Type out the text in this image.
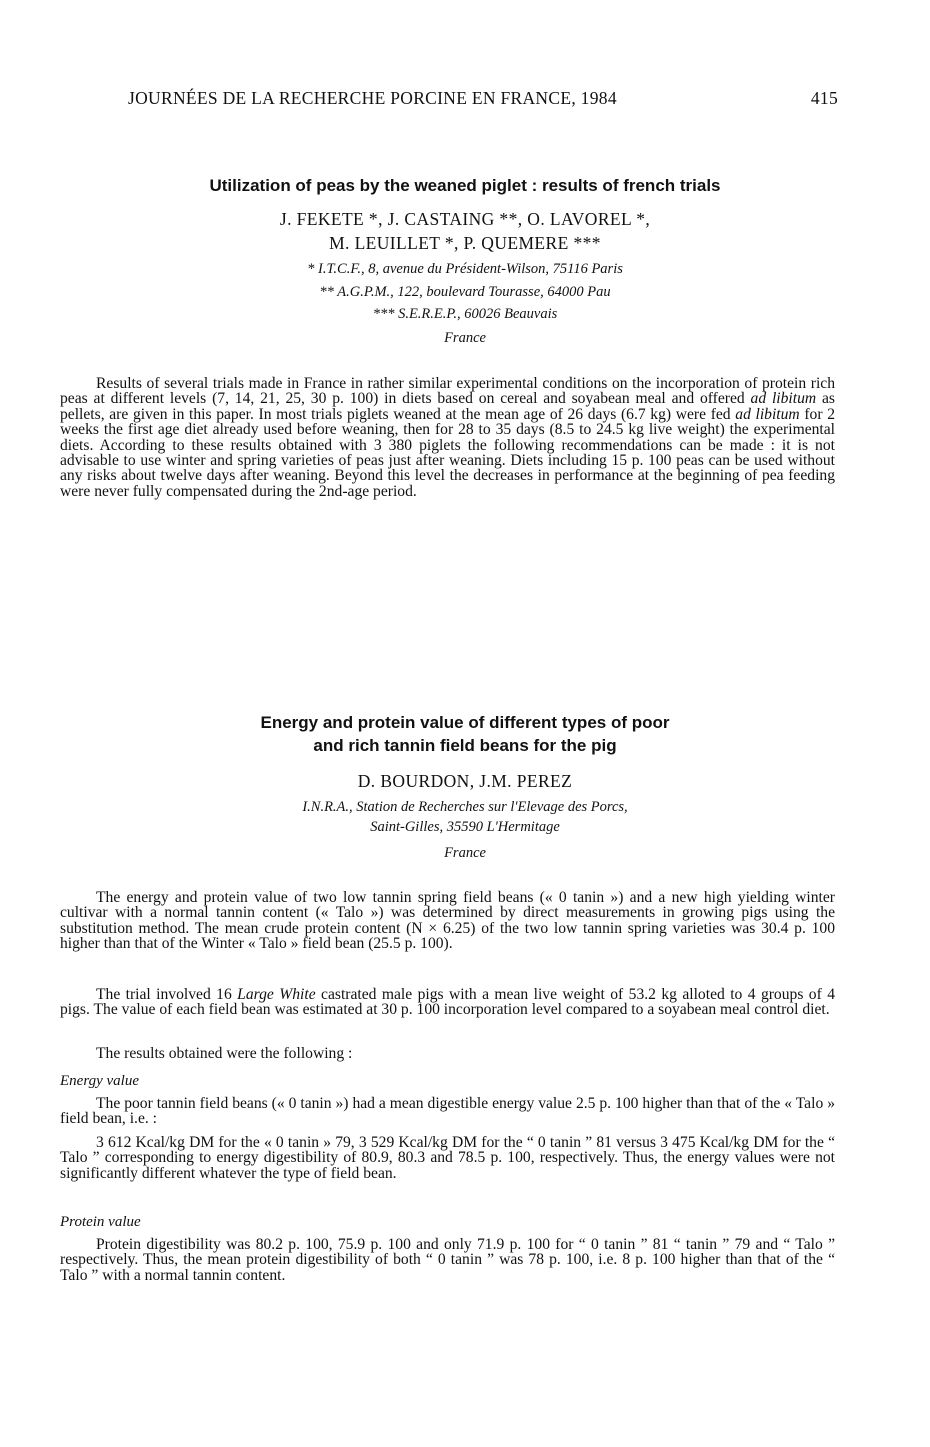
JOURNÉES DE LA RECHERCHE PORCINE EN FRANCE, 1984	415
Utilization of peas by the weaned piglet : results of french trials
J. FEKETE *, J. CASTAING **, O. LAVOREL *,
M. LEUILLET *, P. QUEMERE ***
* I.T.C.F., 8, avenue du Président-Wilson, 75116 Paris
** A.G.P.M., 122, boulevard Tourasse, 64000 Pau
*** S.E.R.E.P., 60026 Beauvais
France

Results of several trials made in France in rather similar experimental conditions on the incorporation of protein rich peas at different levels (7, 14, 21, 25, 30 p. 100) in diets based on cereal and soyabean meal and offered ad libitum as pellets, are given in this paper. In most trials piglets weaned at the mean age of 26 days (6.7 kg) were fed ad libitum for 2 weeks the first age diet already used before weaning, then for 28 to 35 days (8.5 to 24.5 kg live weight) the experimental diets. According to these results obtained with 3 380 piglets the following recommendations can be made : it is not advisable to use winter and spring varieties of peas just after weaning. Diets including 15 p. 100 peas can be used without any risks about twelve days after weaning. Beyond this level the decreases in performance at the beginning of pea feeding were never fully compensated during the 2nd-age period.

Energy and protein value of different types of poor
and rich tannin field beans for the pig
D. BOURDON, J.M. PEREZ
I.N.R.A., Station de Recherches sur l'Elevage des Porcs,
Saint-Gilles, 35590 L'Hermitage
France

The energy and protein value of two low tannin spring field beans (« 0 tanin ») and a new high yielding winter cultivar with a normal tannin content (« Talo ») was determined by direct measurements in growing pigs using the substitution method. The mean crude protein content (N × 6.25) of the two low tannin spring varieties was 30.4 p. 100 higher than that of the Winter « Talo » field bean (25.5 p. 100).

The trial involved 16 Large White castrated male pigs with a mean live weight of 53.2 kg alloted to 4 groups of 4 pigs. The value of each field bean was estimated at 30 p. 100 incorporation level compared to a soyabean meal control diet.

The results obtained were the following :

Energy value

The poor tannin field beans (« 0 tanin ») had a mean digestible energy value 2.5 p. 100 higher than that of the « Talo » field bean, i.e. :

3 612 Kcal/kg DM for the « 0 tanin » 79, 3 529 Kcal/kg DM for the “ 0 tanin ” 81 versus 3 475 Kcal/kg DM for the “ Talo ” corresponding to energy digestibility of 80.9, 80.3 and 78.5 p. 100, respectively. Thus, the energy values were not significantly different whatever the type of field bean.

Protein value

Protein digestibility was 80.2 p. 100, 75.9 p. 100 and only 71.9 p. 100 for “ 0 tanin ” 81 “ tanin ” 79 and “ Talo ” respectively. Thus, the mean protein digestibility of both “ 0 tanin ” was 78 p. 100, i.e. 8 p. 100 higher than that of the “ Talo ” with a normal tannin content.
